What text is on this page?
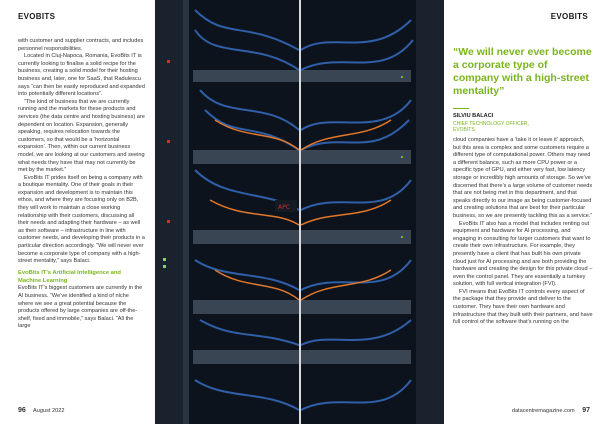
EVOBITS

with customer and supplier contracts, and includes personnel responsibilities.

Located in Cluj-Napoca, Romania, EvoBits IT is currently looking to finalise a solid recipe for the business, creating a solid model for their hosting business and, later, one for SaaS, that Radulescu says “can then be easily reproduced and expanded into potentially different locations”.

“The kind of business that we are currently running and the markets for these products and services (the data centre and hosting business) are dependent on location. Expansion, generally speaking, requires relocation towards the customers, so that would be a ‘horizontal expansion’. Then, within our current business model, we are looking at our customers and seeing what needs they have that may not currently be met by the market.”

EvoBits IT prides itself on being a company with a boutique mentality. One of their goals in their expansion and development is to maintain this ethos, and where they are focusing only on B2B, they will work to maintain a close working relationship with their customers, discussing all their needs and adapting their hardware – as well as their software – infrastructure in line with customer needs, and developing their products in a particular direction accordingly. “We will never ever become a corporate type of company with a high-street mentality,” says Balaci.

EvoBits IT’s Artificial Intelligence and Machine Learning

EvoBits IT’s biggest customers are currently in the AI business. “We’ve identified a kind of niche where we see a great potential because the products offered by large companies are off-the-shelf, fixed and immobile,” says Balaci. “All the large

APC
96 August 2022
EVOBITS
“We will never ever become a corporate type of company with a high-street mentality”
SILVIU BALACI
CHIEF TECHNOLOGY OFFICER,
EVOBITS

cloud companies have a ‘take it or leave it’ approach, but this area is complex and some customers require a different type of computational power. Others may need a different balance, such as more CPU power or a specific type of GPU, and either very fast, low latency storage or incredibly high amounts of storage. So we’ve discerned that there’s a large volume of customer needs that are not being met in this department, and that speaks directly to our image as being customer-focused and creating solutions that are best for their particular business, so we are presently tackling this as a service.”

EvoBits IT also has a model that includes renting out equipment and hardware for AI processing, and engaging in consulting for larger customers that want to create their own infrastructure. For example, they presently have a client that has built his own private cloud just for AI processing and are both providing the hardware and creating the design for this private cloud – even the control panel. They are essentially a turnkey solution, with full vertical integration (FVI).

FVI means that EvoBits IT controls every aspect of the package that they provide and deliver to the customer. They have their own hardware and infrastructure that they built with their partners, and have full control of the software that’s running on the

datacentremagazine.com 97
